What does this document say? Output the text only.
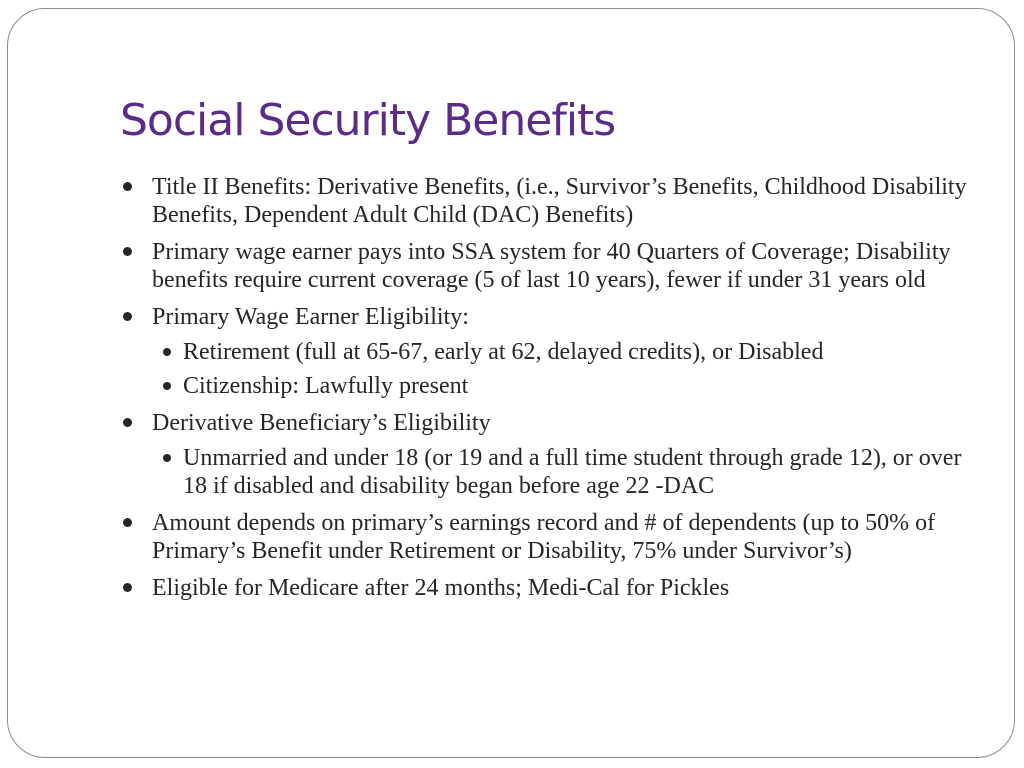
Social Security Benefits
Title II Benefits: Derivative Benefits, (i.e., Survivor’s Benefits, Childhood Disability Benefits, Dependent Adult Child (DAC) Benefits)
Primary wage earner pays into SSA system for 40 Quarters of Coverage; Disability benefits require current coverage (5 of last 10 years), fewer if under 31 years old
Primary Wage Earner Eligibility:
Retirement (full at 65-67, early at 62, delayed credits), or Disabled
Citizenship: Lawfully present
Derivative Beneficiary’s Eligibility
Unmarried and under 18 (or 19 and a full time student through grade 12), or over 18 if disabled and disability began before age 22 -DAC
Amount depends on primary’s earnings record and # of dependents (up to 50% of Primary’s Benefit under Retirement or Disability, 75% under Survivor’s)
Eligible for Medicare after 24 months; Medi-Cal for Pickles
